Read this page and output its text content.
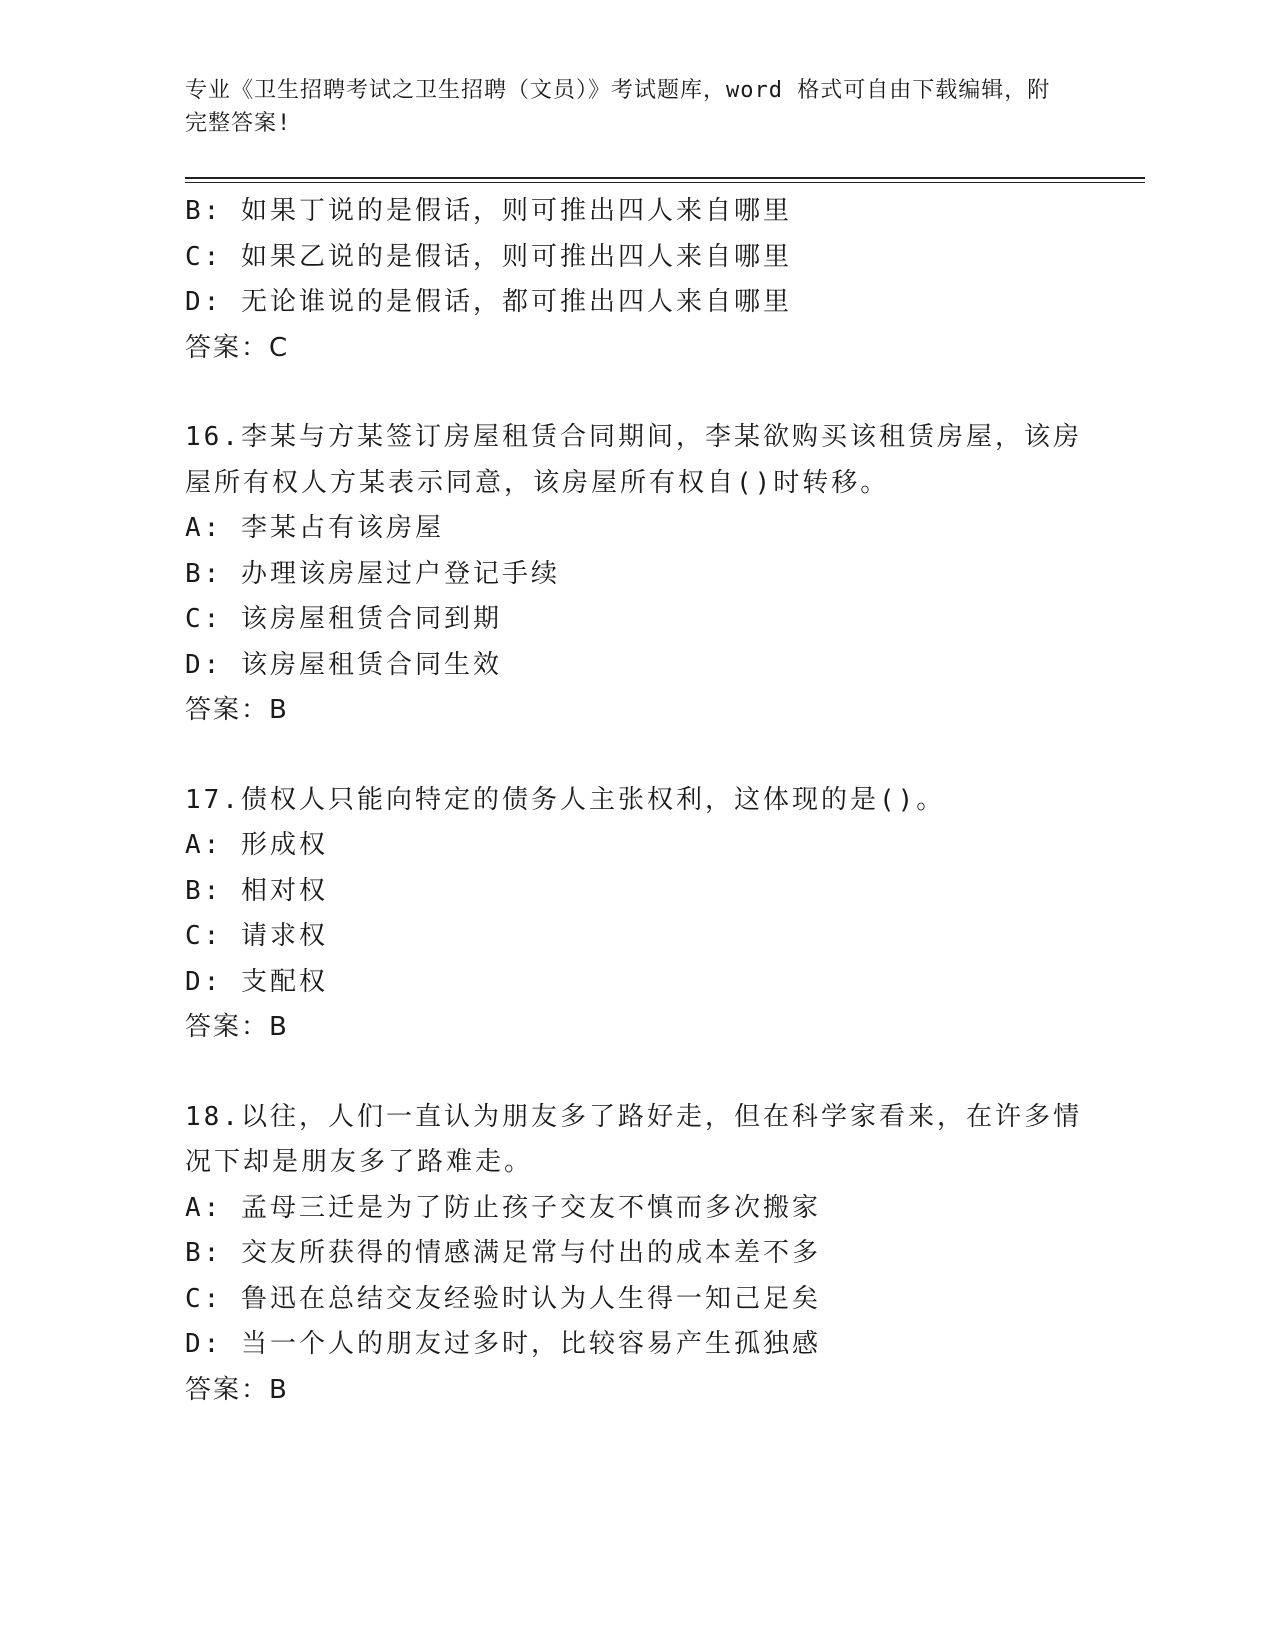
专业《卫生招聘考试之卫生招聘（文员）》考试题库，word 格式可自由下载编辑，附完整答案!
B: 如果丁说的是假话，则可推出四人来自哪里
C: 如果乙说的是假话，则可推出四人来自哪里
D: 无论谁说的是假话，都可推出四人来自哪里
答案：C
16.李某与方某签订房屋租赁合同期间，李某欲购买该租赁房屋，该房屋所有权人方某表示同意，该房屋所有权自()时转移。
A: 李某占有该房屋
B: 办理该房屋过户登记手续
C: 该房屋租赁合同到期
D: 该房屋租赁合同生效
答案：B
17.债权人只能向特定的债务人主张权利，这体现的是()。
A: 形成权
B: 相对权
C: 请求权
D: 支配权
答案：B
18.以往，人们一直认为朋友多了路好走，但在科学家看来，在许多情况下却是朋友多了路难走。
A: 孟母三迁是为了防止孩子交友不慎而多次搬家
B: 交友所获得的情感满足常与付出的成本差不多
C: 鲁迅在总结交友经验时认为人生得一知己足矣
D: 当一个人的朋友过多时，比较容易产生孤独感
答案：B
